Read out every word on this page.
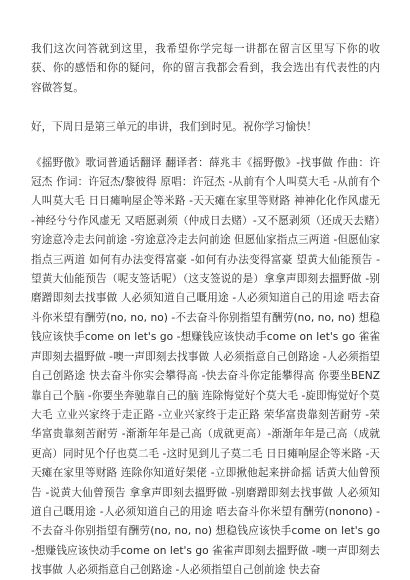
我们这次问答就到这里，我希望你学完每一讲都在留言区里写下你的收获、你的感悟和你的疑问，你的留言我都会看到，我会选出有代表性的内容做答复。

好，下周日是第三单元的串讲，我们到时见。祝你学习愉快！

《摇野傲》歌词普通话翻译 翻译者：薛兆丰《摇野傲》-找事做 作曲：许冠杰 作词：许冠杰/黎彼得 原唱：许冠杰 -从前有个人叫莫大毛 -从前有个人叫莫大毛 日日瘫响屋企等米路 -天天瘫在家里等财路 神神化化作风虚无 -神经兮兮作风虚无 又唔愿剥须（仲成日去赌）-又不愿剥须（还成天去赌）穷途意冷走去问前途 -穷途意冷走去问前途 但愿仙家指点三两道 -但愿仙家指点三两道 如何有办法变得富豪 -如何有办法变得富豪 望黄大仙能预告 -望黄大仙能预告（呢支签话呢）（这支签说的是）拿拿声即刻去搵野做 -别磨蹭即刻去找事做 人必须知道自己嘅用途 -人必须知道自己的用途 唔去奋斗你米望有酬劳(no, no, no) -不去奋斗你别指望有酬劳(no, no, no) 想稳钱应该快手come on let's go -想赚钱应该快动手come on let's go 雀雀声即刻去搵野做 -噢一声即刻去找事做 人必须指意自己创路途 -人必须指望自己创路途 快去奋斗你实会攀得高 -快去奋斗你定能攀得高 你要坐BENZ靠自己个脑 -你要坐奔驰靠自己的脑 连除悔觉好个莫大毛 -旋即悔觉好个莫大毛 立业兴家终于走正路 -立业兴家终于走正路 荣华富贵靠刻苦耐劳 -荣华富贵靠刻苦耐劳 -渐渐年年是己高（成就更高）-渐渐年年是己高（成就更高）同时见个仔也莫二毛 -这时见到儿子莫二毛 日日瘫响屋企等米路 -天天瘫在家里等财路 连除你知道好架佬 -立即揪他起来拼命摇 话黄大仙曾预告 -说黄大仙曾预告 拿拿声即刻去搵野做 -别磨蹭即刻去找事做 人必须知道自己嘅用途 -人必须知道自己的用途 唔去奋斗你米望有酬劳(nonono) -不去奋斗你别指望有酬劳(no, no, no) 想稳钱应该快手come on let's go -想赚钱应该快动手come on let's go 雀雀声即刻去搵野做 -噢一声即刻去找事做 人必须指意自己创路途 -人必须指望自己创前途 快去奋
